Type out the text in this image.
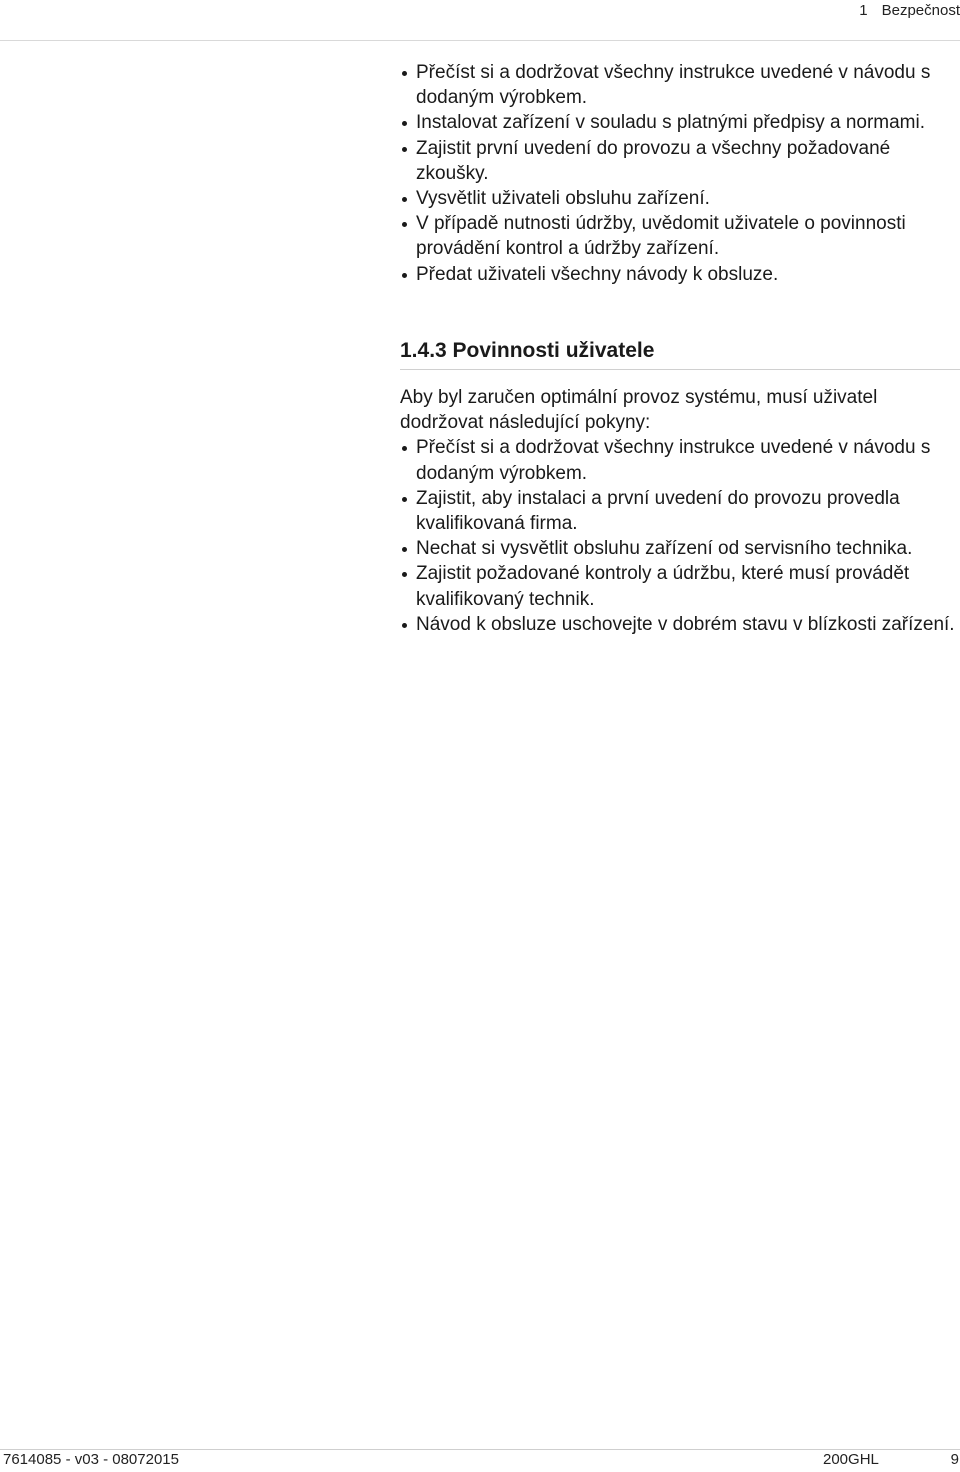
1 Bezpečnost
Přečíst si a dodržovat všechny instrukce uvedené v návodu s dodaným výrobkem.
Instalovat zařízení v souladu s platnými předpisy a normami.
Zajistit první uvedení do provozu a všechny požadované zkoušky.
Vysvětlit uživateli obsluhu zařízení.
V případě nutnosti údržby, uvědomit uživatele o povinnosti provádění kontrol a údržby zařízení.
Předat uživateli všechny návody k obsluze.
1.4.3 Povinnosti uživatele

Aby byl zaručen optimální provoz systému, musí uživatel dodržovat následující pokyny:

Přečíst si a dodržovat všechny instrukce uvedené v návodu s dodaným výrobkem.
Zajistit, aby instalaci a první uvedení do provozu provedla kvalifikovaná firma.
Nechat si vysvětlit obsluhu zařízení od servisního technika.
Zajistit požadované kontroly a údržbu, které musí provádět kvalifikovaný technik.
Návod k obsluze uschovejte v dobrém stavu v blízkosti zařízení.
7614085 - v03 - 08072015	200GHL	9
